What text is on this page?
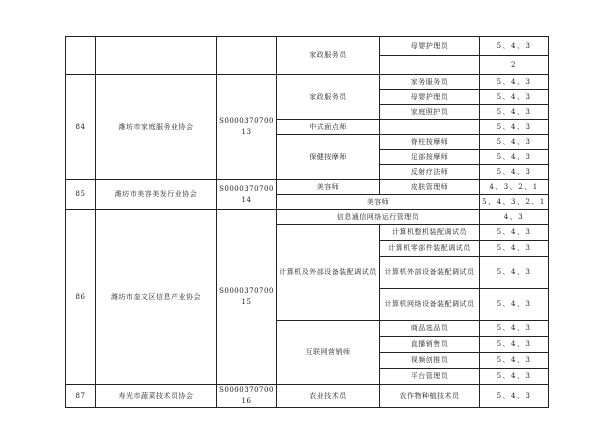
			家政服务员	母婴护理员	5、4、3
					2
84	潍坊市家庭服务业协会	S000037070013	家政服务员	家务服务员	5、4、3
				母婴护理员	5、4、3
				家庭照护员	5、4、3
			中式面点师		5、4、3
			保健按摩师	脊柱按摩师	5、4、3
				足部按摩师	5、4、3
				反射疗法师	5、4、3
85	潍坊市美容美发行业协会	S000037070014	美容师	皮肤管理师	4、3、2、1
			美容师		5、4、3、2、1
86	潍坊市奎文区信息产业协会	S000037070015	信息通信网络运行管理员		4、3
			计算机及外部设备装配调试员	计算机整机装配调试员	5、4、3
				计算机零部件装配调试员	5、4、3
				计算机外部设备装配调试员	5、4、3
				计算机网络设备装配调试员	5、4、3
			互联网营销师	商品选品员	5、4、3
				直播销售员	5、4、3
				视频创推员	5、4、3
				平台管理员	5、4、3
87	寿光市蔬菜技术员协会	S000037070016	农业技术员	农作物种植技术员	5、4、3
